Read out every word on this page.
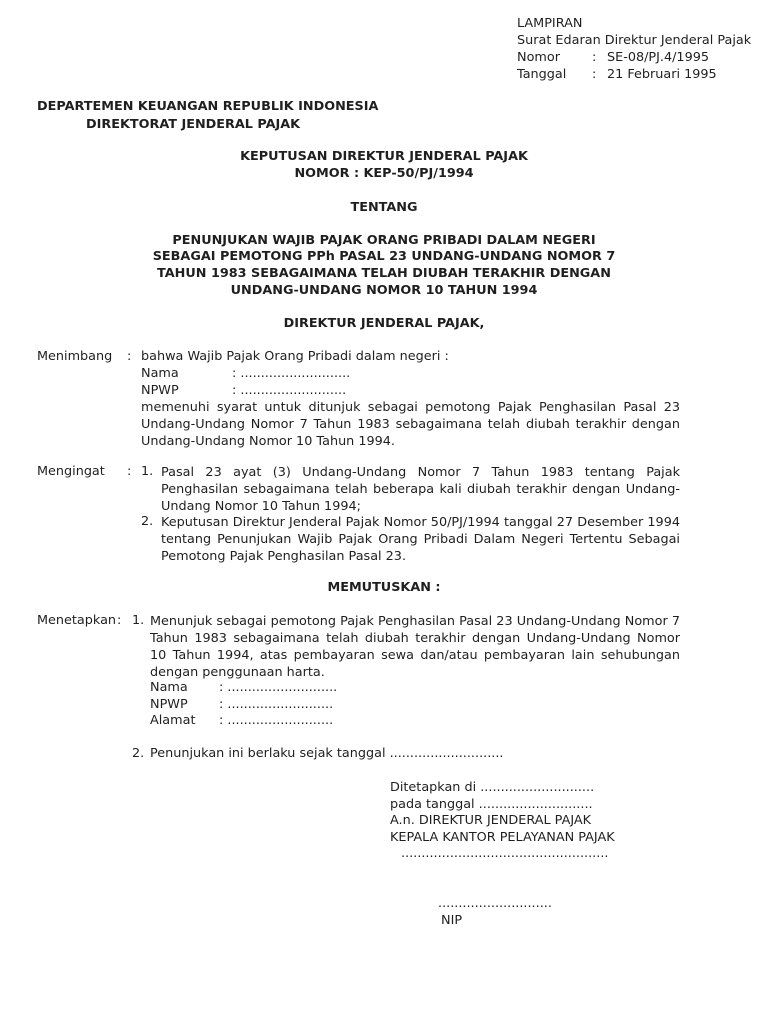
LAMPIRAN
Surat Edaran Direktur Jenderal Pajak
Nomor	: SE-08/PJ.4/1995
Tanggal : 21 Februari 1995
DEPARTEMEN KEUANGAN REPUBLIK INDONESIA
DIREKTORAT JENDERAL PAJAK
KEPUTUSAN DIREKTUR JENDERAL PAJAK
NOMOR : KEP-50/PJ/1994
TENTANG
PENUNJUKAN WAJIB PAJAK ORANG PRIBADI DALAM NEGERI
SEBAGAI PEMOTONG PPh PASAL 23 UNDANG-UNDANG NOMOR 7
TAHUN 1983 SEBAGAIMANA TELAH DIUBAH TERAKHIR DENGAN
UNDANG-UNDANG NOMOR 10 TAHUN 1994
DIREKTUR JENDERAL PAJAK,
Menimbang : bahwa Wajib Pajak Orang Pribadi dalam negeri :
Nama	: ...........................
NPWP	: ..........................
memenuhi syarat untuk ditunjuk sebagai pemotong Pajak Penghasilan Pasal 23 Undang-Undang Nomor 7 Tahun 1983 sebagaimana telah diubah terakhir dengan Undang-Undang Nomor 10 Tahun 1994.
Mengingat : 1. Pasal 23 ayat (3) Undang-Undang Nomor 7 Tahun 1983 tentang Pajak Penghasilan sebagaimana telah beberapa kali diubah terakhir dengan Undang-Undang Nomor 10 Tahun 1994;
2. Keputusan Direktur Jenderal Pajak Nomor 50/PJ/1994 tanggal 27 Desember 1994 tentang Penunjukan Wajib Pajak Orang Pribadi Dalam Negeri Tertentu Sebagai Pemotong Pajak Penghasilan Pasal 23.
MEMUTUSKAN :
Menetapkan : 1. Menunjuk sebagai pemotong Pajak Penghasilan Pasal 23 Undang-Undang Nomor 7 Tahun 1983 sebagaimana telah diubah terakhir dengan Undang-Undang Nomor 10 Tahun 1994, atas pembayaran sewa dan/atau pembayaran lain sehubungan dengan penggunaan harta.
Nama : ...........................
NPWP : ..........................
Alamat : ..........................
2. Penunjukan ini berlaku sejak tanggal ............................
Ditetapkan di ............................
pada tanggal ............................
A.n. DIREKTUR JENDERAL PAJAK
KEPALA KANTOR PELAYANAN PAJAK
...................................................
............................
NIP
